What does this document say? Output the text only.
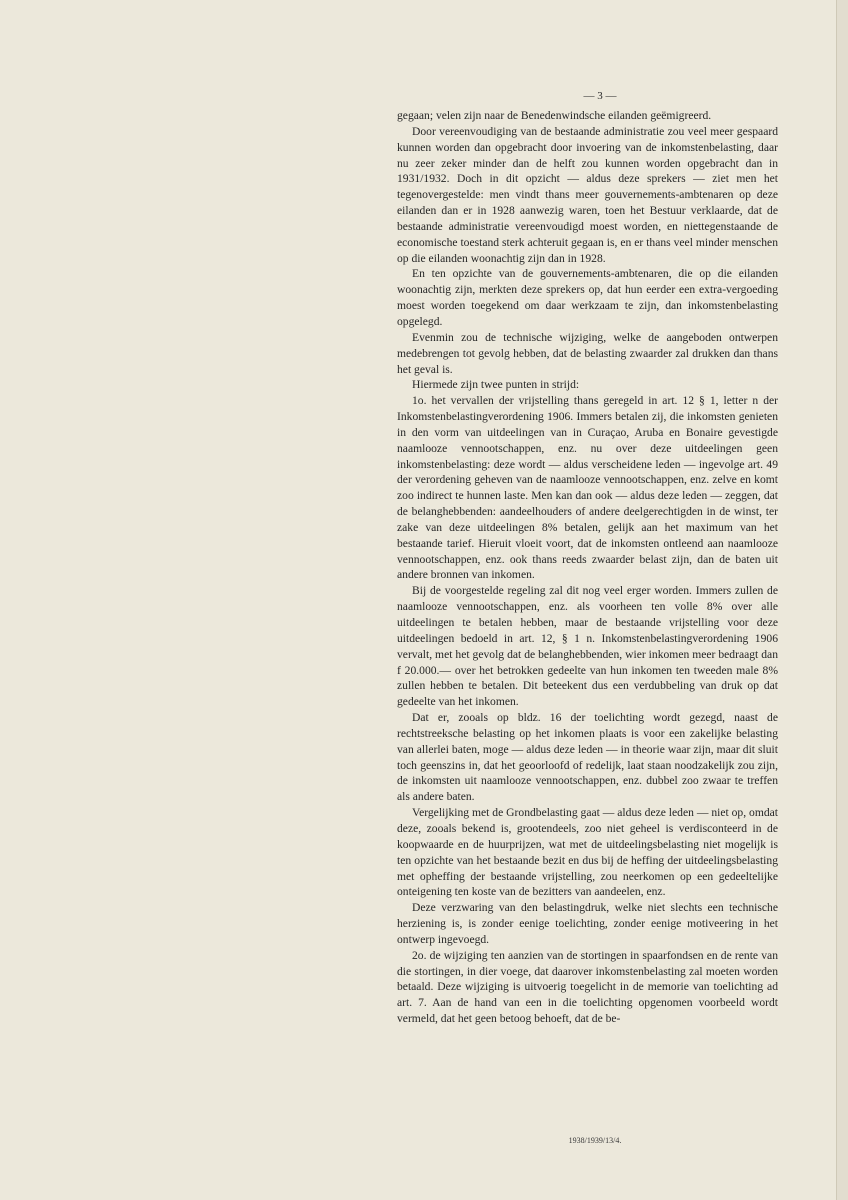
— 3 —

gegaan; velen zijn naar de Benedenwindsche eilanden geëmigreerd.

Door vereenvoudiging van de bestaande administratie zou veel meer gespaard kunnen worden dan opgebracht door invoering van de inkomstenbelasting, daar nu zeer zeker minder dan de helft zou kunnen worden opgebracht dan in 1931/1932. Doch in dit opzicht — aldus deze sprekers — ziet men het tegenovergestelde: men vindt thans meer gouvernements-ambtenaren op deze eilanden dan er in 1928 aanwezig waren, toen het Bestuur verklaarde, dat de bestaande administratie vereenvoudigd moest worden, en niettegenstaande de economische toestand sterk achteruit gegaan is, en er thans veel minder menschen op die eilanden woonachtig zijn dan in 1928.

En ten opzichte van de gouvernements-ambtenaren, die op die eilanden woonachtig zijn, merkten deze sprekers op, dat hun eerder een extra-vergoeding moest worden toegekend om daar werkzaam te zijn, dan inkomstenbelasting opgelegd.

Evenmin zou de technische wijziging, welke de aangeboden ontwerpen medebrengen tot gevolg hebben, dat de belasting zwaarder zal drukken dan thans het geval is.

Hiermede zijn twee punten in strijd:

1o. het vervallen der vrijstelling thans geregeld in art. 12 § 1, letter n der Inkomstenbelastingverordening 1906. Immers betalen zij, die inkomsten genieten in den vorm van uitdeelingen van in Curaçao, Aruba en Bonaire gevestigde naamlooze vennootschappen, enz. nu over deze uitdeelingen geen inkomstenbelasting: deze wordt — aldus verscheidene leden — ingevolge art. 49 der verordening geheven van de naamlooze vennootschappen, enz. zelve en komt zoo indirect te hunnen laste. Men kan dan ook — aldus deze leden — zeggen, dat de belanghebbenden: aandeelhouders of andere deelgerechtigden in de winst, ter zake van deze uitdeelingen 8% betalen, gelijk aan het maximum van het bestaande tarief. Hieruit vloeit voort, dat de inkomsten ontleend aan naamlooze vennootschappen, enz. ook thans reeds zwaarder belast zijn, dan de baten uit andere bronnen van inkomen.

Bij de voorgestelde regeling zal dit nog veel erger worden. Immers zullen de naamlooze vennootschappen, enz. als voorheen ten volle 8% over alle uitdeelingen te betalen hebben, maar de bestaande vrijstelling voor deze uitdeelingen bedoeld in art. 12, § 1 n. Inkomstenbelastingverordening 1906 vervalt, met het gevolg dat de belanghebbenden, wier inkomen meer bedraagt dan f 20.000.— over het betrokken gedeelte van hun inkomen ten tweeden male 8% zullen hebben te betalen. Dit beteekent dus een verdubbeling van druk op dat gedeelte van het inkomen.

Dat er, zooals op bldz. 16 der toelichting wordt gezegd, naast de rechtstreeksche belasting op het inkomen plaats is voor een zakelijke belasting van allerlei baten, moge — aldus deze leden — in theorie waar zijn, maar dit sluit toch geenszins in, dat het geoorloofd of redelijk, laat staan noodzakelijk zou zijn, de inkomsten uit naamlooze vennootschappen, enz. dubbel zoo zwaar te treffen als andere baten.

Vergelijking met de Grondbelasting gaat — aldus deze leden — niet op, omdat deze, zooals bekend is, grootendeels, zoo niet geheel is verdisconteerd in de koopwaarde en de huurprijzen, wat met de uitdeelingsbelasting niet mogelijk is ten opzichte van het bestaande bezit en dus bij de heffing der uitdeelingsbelasting met opheffing der bestaande vrijstelling, zou neerkomen op een gedeeltelijke onteigening ten koste van de bezitters van aandeelen, enz.

Deze verzwaring van den belastingdruk, welke niet slechts een technische herziening is, is zonder eenige toelichting, zonder eenige motiveering in het ontwerp ingevoegd.

2o. de wijziging ten aanzien van de stortingen in spaarfondsen en de rente van die stortingen, in dier voege, dat daarover inkomstenbelasting zal moeten worden betaald. Deze wijziging is uitvoerig toegelicht in de memorie van toelichting ad art. 7. Aan de hand van een in die toelichting opgenomen voorbeeld wordt vermeld, dat het geen betoog behoeft, dat de be-

1938/1939/13/4.
